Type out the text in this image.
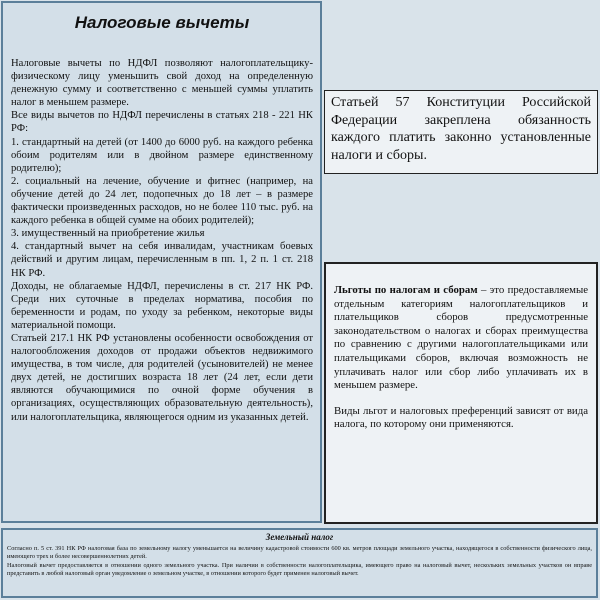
Налоговые вычеты

Налоговые вычеты по НДФЛ позволяют налогоплательщику-физическому лицу уменьшить свой доход на определенную денежную сумму и соответственно с меньшей суммы уплатить налог в меньшем размере.

Все виды вычетов по НДФЛ перечислены в статьях 218 - 221 НК РФ:

1. стандартный на детей (от 1400 до 6000 руб. на каждого ребенка обоим родителям или в двойном размере единственному родителю);

2. социальный на лечение, обучение и фитнес (например, на обучение детей до 24 лет, подопечных до 18 лет – в размере фактически произведенных расходов, но не более 110 тыс. руб. на каждого ребенка в общей сумме на обоих родителей);

3. имущественный на приобретение жилья

4. стандартный вычет на себя инвалидам, участникам боевых действий и другим лицам, перечисленным в пп. 1, 2 п. 1 ст. 218 НК РФ.

Доходы, не облагаемые НДФЛ, перечислены в ст. 217 НК РФ. Среди них суточные в пределах норматива, пособия по беременности и родам, по уходу за ребенком, некоторые виды материальной помощи.

Статьей 217.1 НК РФ установлены особенности освобождения от налогообложения доходов от продажи объектов недвижимого имущества, в том числе, для родителей (усыновителей) не менее двух детей, не достигших возраста 18 лет (24 лет, если дети являются обучающимися по очной форме обучения в организациях, осуществляющих образовательную деятельность), или налогоплательщика, являющегося одним из указанных детей.

Статьей 57 Конституции Российской Федерации закреплена обязанность каждого платить законно установленные налоги и сборы.

Льготы по налогам и сборам – это предоставляемые отдельным категориям налогоплательщиков и плательщиков сборов предусмотренные законодательством о налогах и сборах преимущества по сравнению с другими налогоплательщиками или плательщиками сборов, включая возможность не уплачивать налог или сбор либо уплачивать их в меньшем размере.

Виды льгот и налоговых преференций зависят от вида налога, по которому они применяются.

Земельный налог

Согласно п. 5 ст. 391 НК РФ налоговая база по земельному налогу уменьшается на величину кадастровой стоимости 600 кв. метров площади земельного участка, находящегося в собственности физического лица, имеющего трех и более несовершеннолетних детей.

Налоговый вычет предоставляется в отношении одного земельного участка. При наличии в собственности налогоплательщика, имеющего право на налоговый вычет, нескольких земельных участков он вправе представить в любой налоговый орган уведомление о земельном участке, в отношении которого будет применен налоговый вычет.
